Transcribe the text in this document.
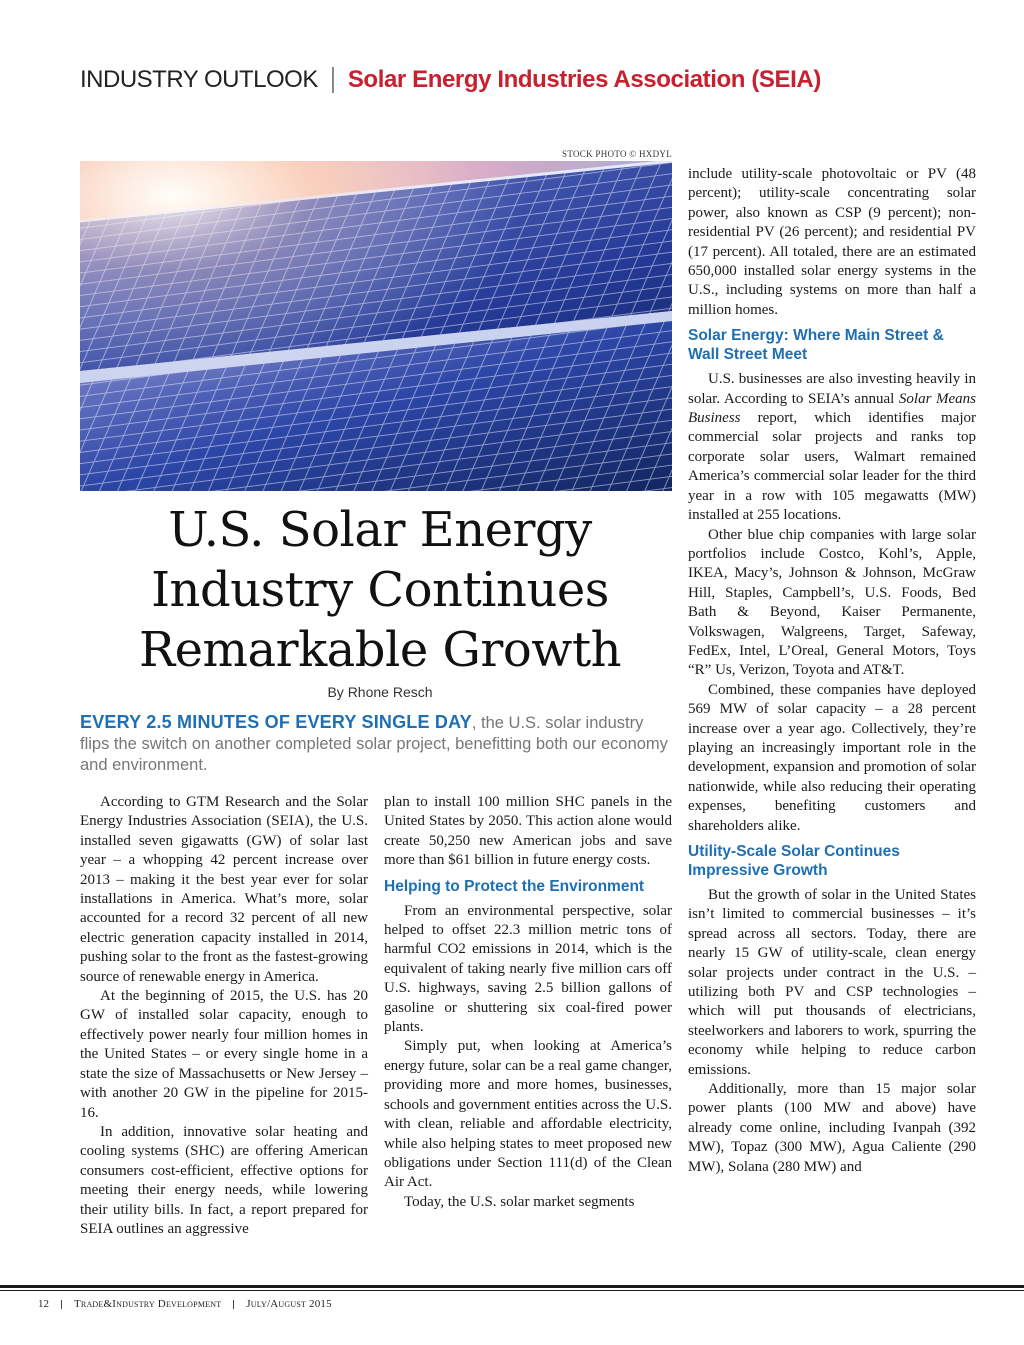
INDUSTRY OUTLOOK Solar Energy Industries Association (SEIA)
STOCK PHOTO © HXDYL
U.S. Solar Energy
Industry Continues
Remarkable Growth
By Rhone Resch
EVERY 2.5 MINUTES OF EVERY SINGLE DAY, the U.S. solar industry flips the switch on another completed solar project, benefitting both our economy and environment.

According to GTM Research and the Solar Energy Industries Association (SEIA), the U.S. installed seven gigawatts (GW) of solar last year – a whopping 42 percent increase over 2013 – making it the best year ever for solar installations in America. What’s more, solar accounted for a record 32 percent of all new electric generation capacity installed in 2014, pushing solar to the front as the fastest-growing source of renewable energy in America.

At the beginning of 2015, the U.S. has 20 GW of installed solar capacity, enough to effectively power nearly four million homes in the United States – or every single home in a state the size of Massachusetts or New Jersey – with another 20 GW in the pipeline for 2015-16.

In addition, innovative solar heating and cooling systems (SHC) are offering American consumers cost-efficient, effective options for meeting their energy needs, while lowering their utility bills. In fact, a report prepared for SEIA outlines an aggressive

plan to install 100 million SHC panels in the United States by 2050. This action alone would create 50,250 new American jobs and save more than $61 billion in future energy costs.

Helping to Protect the Environment

From an environmental perspective, solar helped to offset 22.3 million metric tons of harmful CO2 emissions in 2014, which is the equivalent of taking nearly five million cars off U.S. highways, saving 2.5 billion gallons of gasoline or shuttering six coal-fired power plants.

Simply put, when looking at America’s energy future, solar can be a real game changer, providing more and more homes, businesses, schools and government entities across the U.S. with clean, reliable and affordable electricity, while also helping states to meet proposed new obligations under Section 111(d) of the Clean Air Act.

Today, the U.S. solar market segments

include utility-scale photovoltaic or PV (48 percent); utility-scale concentrating solar power, also known as CSP (9 percent); non-residential PV (26 percent); and residential PV (17 percent). All totaled, there are an estimated 650,000 installed solar energy systems in the U.S., including systems on more than half a million homes.

Solar Energy: Where Main Street & Wall Street Meet

U.S. businesses are also investing heavily in solar. According to SEIA’s annual Solar Means Business report, which identifies major commercial solar projects and ranks top corporate solar users, Walmart remained America’s commercial solar leader for the third year in a row with 105 megawatts (MW) installed at 255 locations.

Other blue chip companies with large solar portfolios include Costco, Kohl’s, Apple, IKEA, Macy’s, Johnson & Johnson, McGraw Hill, Staples, Campbell’s, U.S. Foods, Bed Bath & Beyond, Kaiser Permanente, Volkswagen, Walgreens, Target, Safeway, FedEx, Intel, L’Oreal, General Motors, Toys “R” Us, Verizon, Toyota and AT&T.

Combined, these companies have deployed 569 MW of solar capacity – a 28 percent increase over a year ago. Collectively, they’re playing an increasingly important role in the development, expansion and promotion of solar nationwide, while also reducing their operating expenses, benefiting customers and shareholders alike.

Utility-Scale Solar Continues Impressive Growth

But the growth of solar in the United States isn’t limited to commercial businesses – it’s spread across all sectors. Today, there are nearly 15 GW of utility-scale, clean energy solar projects under contract in the U.S. – utilizing both PV and CSP technologies – which will put thousands of electricians, steelworkers and laborers to work, spurring the economy while helping to reduce carbon emissions.

Additionally, more than 15 major solar power plants (100 MW and above) have already come online, including Ivanpah (392 MW), Topaz (300 MW), Agua Caliente (290 MW), Solana (280 MW) and

12 Trade&Industry Development July/August 2015
